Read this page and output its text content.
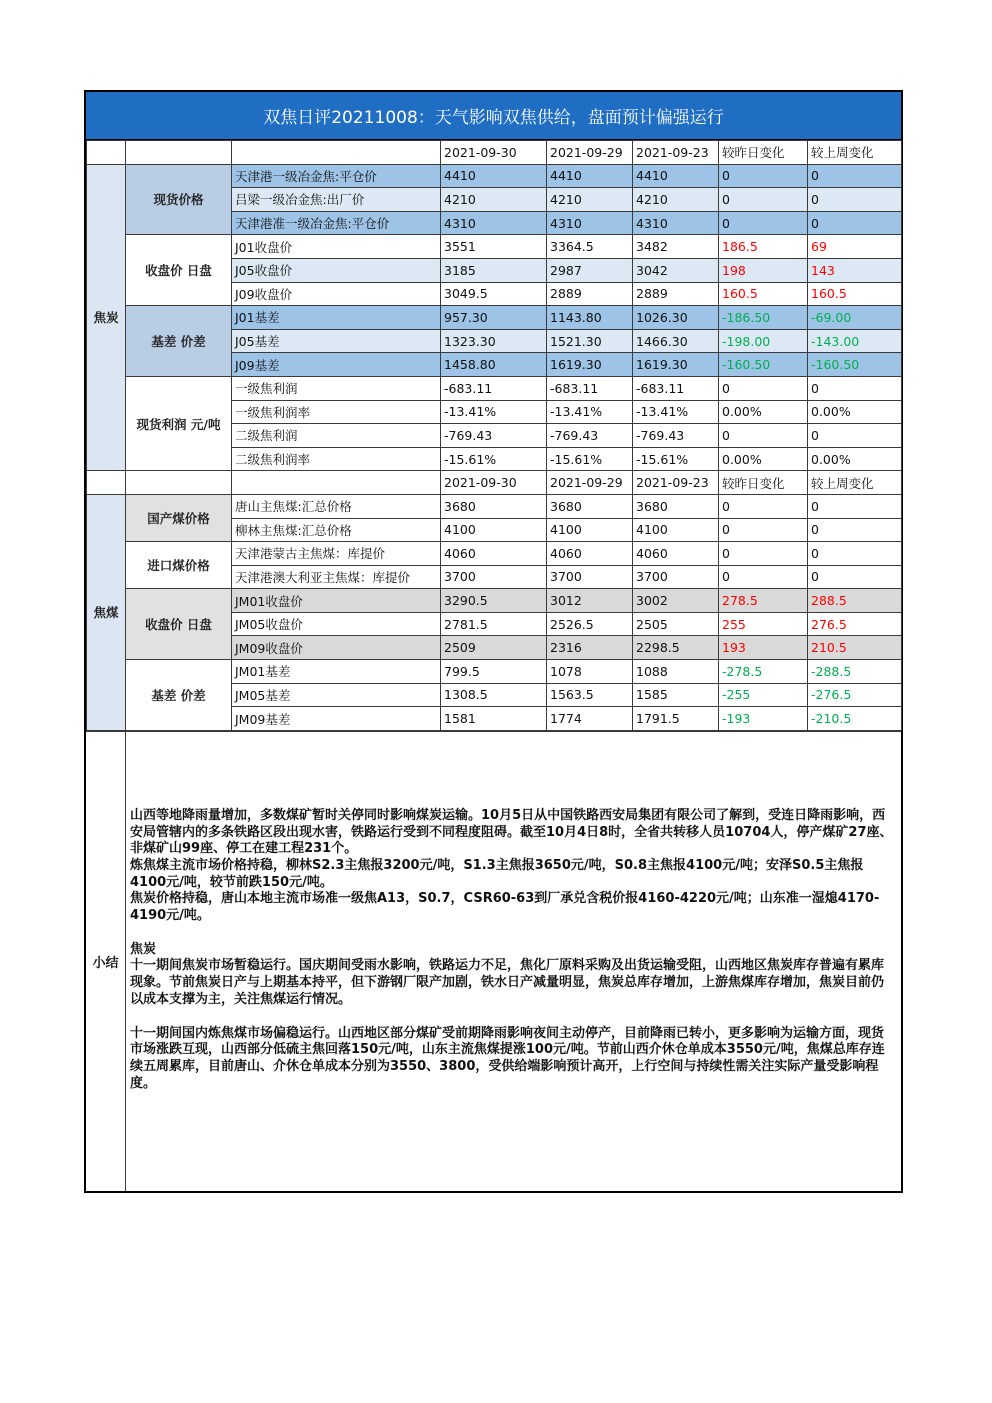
双焦日评20211008：天气影响双焦供给，盘面预计偏强运行
			2021-09-30	2021-09-29	2021-09-23	较昨日变化	较上周变化
焦炭	现货价格	天津港一级冶金焦:平仓价	4410	4410	4410	0	0
		吕梁一级冶金焦:出厂价	4210	4210	4210	0	0
		天津港准一级冶金焦:平仓价	4310	4310	4310	0	0
	收盘价 日盘	J01收盘价	3551	3364.5	3482	186.5	69
		J05收盘价	3185	2987	3042	198	143
		J09收盘价	3049.5	2889	2889	160.5	160.5
	基差 价差	J01基差	957.30	1143.80	1026.30	-186.50	-69.00
		J05基差	1323.30	1521.30	1466.30	-198.00	-143.00
		J09基差	1458.80	1619.30	1619.30	-160.50	-160.50
	现货利润 元/吨	一级焦利润	-683.11	-683.11	-683.11	0	0
		一级焦利润率	-13.41%	-13.41%	-13.41%	0.00%	0.00%
		二级焦利润	-769.43	-769.43	-769.43	0	0
		二级焦利润率	-15.61%	-15.61%	-15.61%	0.00%	0.00%
			2021-09-30	2021-09-29	2021-09-23	较昨日变化	较上周变化
焦煤	国产煤价格	唐山主焦煤:汇总价格	3680	3680	3680	0	0
		柳林主焦煤:汇总价格	4100	4100	4100	0	0
	进口煤价格	天津港蒙古主焦煤：库提价	4060	4060	4060	0	0
		天津港澳大利亚主焦煤：库提价	3700	3700	3700	0	0
	收盘价 日盘	JM01收盘价	3290.5	3012	3002	278.5	288.5
		JM05收盘价	2781.5	2526.5	2505	255	276.5
		JM09收盘价	2509	2316	2298.5	193	210.5
	基差 价差	JM01基差	799.5	1078	1088	-278.5	-288.5
		JM05基差	1308.5	1563.5	1585	-255	-276.5
		JM09基差	1581	1774	1791.5	-193	-210.5
小结

山西等地降雨量增加，多数煤矿暂时关停同时影响煤炭运输。10月5日从中国铁路西安局集团有限公司了解到，受连日降雨影响，西安局管辖内的多条铁路区段出现水害，铁路运行受到不同程度阻碍。截至10月4日8时，全省共转移人员10704人，停产煤矿27座、非煤矿山99座、停工在建工程231个。

炼焦煤主流市场价格持稳，柳林S2.3主焦报3200元/吨，S1.3主焦报3650元/吨，S0.8主焦报4100元/吨；安泽S0.5主焦报4100元/吨，较节前跌150元/吨。

焦炭价格持稳，唐山本地主流市场准一级焦A13，S0.7，CSR60-63到厂承兑含税价报4160-4220元/吨；山东准一湿熄4170-4190元/吨。

焦炭

十一期间焦炭市场暂稳运行。国庆期间受雨水影响，铁路运力不足，焦化厂原料采购及出货运输受阻，山西地区焦炭库存普遍有累库现象。节前焦炭日产与上期基本持平，但下游钢厂限产加剧，铁水日产减量明显，焦炭总库存增加，上游焦煤库存增加，焦炭目前仍以成本支撑为主，关注焦煤运行情况。

十一期间国内炼焦煤市场偏稳运行。山西地区部分煤矿受前期降雨影响夜间主动停产，目前降雨已转小，更多影响为运输方面，现货市场涨跌互现，山西部分低硫主焦回落150元/吨，山东主流焦煤提涨100元/吨。节前山西介休仓单成本3550元/吨，焦煤总库存连续五周累库，目前唐山、介休仓单成本分别为3550、3800，受供给端影响预计高开，上行空间与持续性需关注实际产量受影响程度。
